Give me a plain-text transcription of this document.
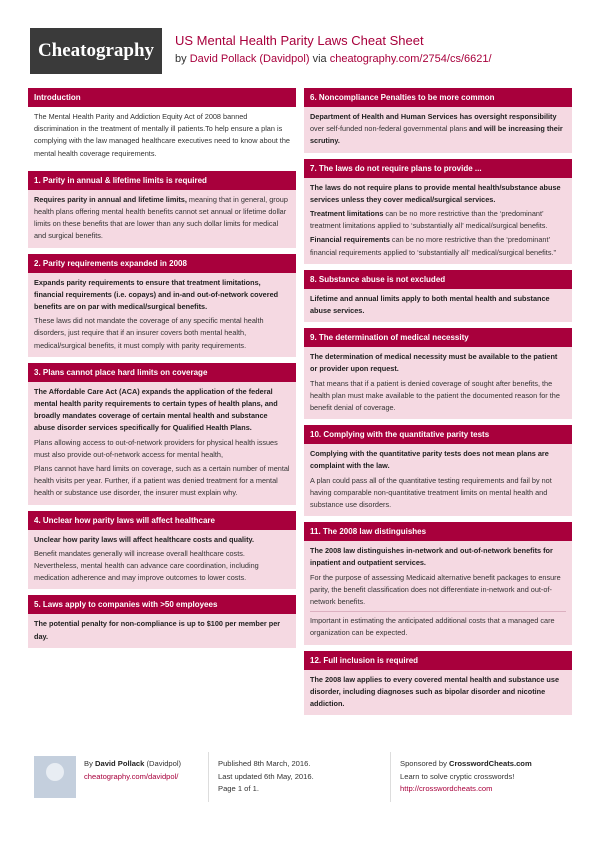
Cheatography	US Mental Health Parity Laws Cheat Sheet
by David Pollack (Davidpol) via cheatography.com/2754/cs/6621/
Introduction
The Mental Health Parity and Addiction Equity Act of 2008 banned discrimination in the treatment of mentally ill patients.To help ensure a plan is complying with the law managed healthcare executives need to know about the mental health coverage requirements.
1. Parity in annual & lifetime limits is required
Requires parity in annual and lifetime limits, meaning that in general, group health plans offering mental health benefits cannot set annual or lifetime dollar limits on these benefits that are lower than any such dollar limits for medical and surgical benefits.
2. Parity requirements expanded in 2008
Expands parity requirements to ensure that treatment limitations, financial requirements (i.e. copays) and in-and out-of-network covered benefits are on par with medical/surgical benefits.
These laws did not mandate the coverage of any specific mental health disorders, just require that if an insurer covers both mental health, medical/surgical benefits, it must comply with parity requirements.
3. Plans cannot place hard limits on coverage
The Affordable Care Act (ACA) expands the application of the federal mental health parity requirements to certain types of health plans, and broadly mandates coverage of certain mental health and substance abuse disorder services specifically for Qualified Health Plans.
Plans allowing access to out-of-network providers for physical health issues must also provide out-of-network access for mental health,
Plans cannot have hard limits on coverage, such as a certain number of mental health visits per year. Further, if a patient was denied treatment for a mental health or substance use disorder, the insurer must explain why.
4. Unclear how parity laws will affect healthcare
Unclear how parity laws will affect healthcare costs and quality.
Benefit mandates generally will increase overall healthcare costs. Nevertheless, mental health can advance care coordination, including medication adherence and may improve outcomes to lower costs.
5. Laws apply to companies with >50 employees
The potential penalty for non-compliance is up to $100 per member per day.
6. Noncompliance Penalties to be more common
Department of Health and Human Services has oversight responsibility over self-funded non-federal governmental plans and will be increasing their scrutiny.
7. The laws do not require plans to provide ...
The laws do not require plans to provide mental health/substance abuse services unless they cover medical/surgical services.
Treatment limitations can be no more restrictive than the ‘predominant’ treatment limitations applied to ‘substantially all’ medical/surgical benefits.
Financial requirements can be no more restrictive than the ‘predominant’ financial requirements applied to ‘substantially all’ medical/surgical benefits.”
8. Substance abuse is not excluded
Lifetime and annual limits apply to both mental health and substance abuse services.
9. The determination of medical necessity
The determination of medical necessity must be available to the patient or provider upon request.
That means that if a patient is denied coverage of sought after benefits, the health plan must make available to the patient the documented reason for the benefit denial of coverage.
10. Complying with the quantitative parity tests
Complying with the quantitative parity tests does not mean plans are complaint with the law.
A plan could pass all of the quantitative testing requirements and fail by not having comparable non-quantitative treatment limits on mental health and substance use disorders.
11. The 2008 law distinguishes
The 2008 law distinguishes in-network and out-of-network benefits for inpatient and outpatient services.
For the purpose of assessing Medicaid alternative benefit packages to ensure parity, the benefit classification does not differentiate in-network and out-of-network benefits.
Important in estimating the anticipated additional costs that a managed care organization can be expected.
12. Full inclusion is required
The 2008 law applies to every covered mental health and substance use disorder, including diagnoses such as bipolar disorder and nicotine addiction.
By David Pollack (Davidpol)
cheatography.com/davidpol/
Published 8th March, 2016.
Last updated 6th May, 2016.
Page 1 of 1.
Sponsored by CrosswordCheats.com
Learn to solve cryptic crosswords!
http://crosswordcheats.com
